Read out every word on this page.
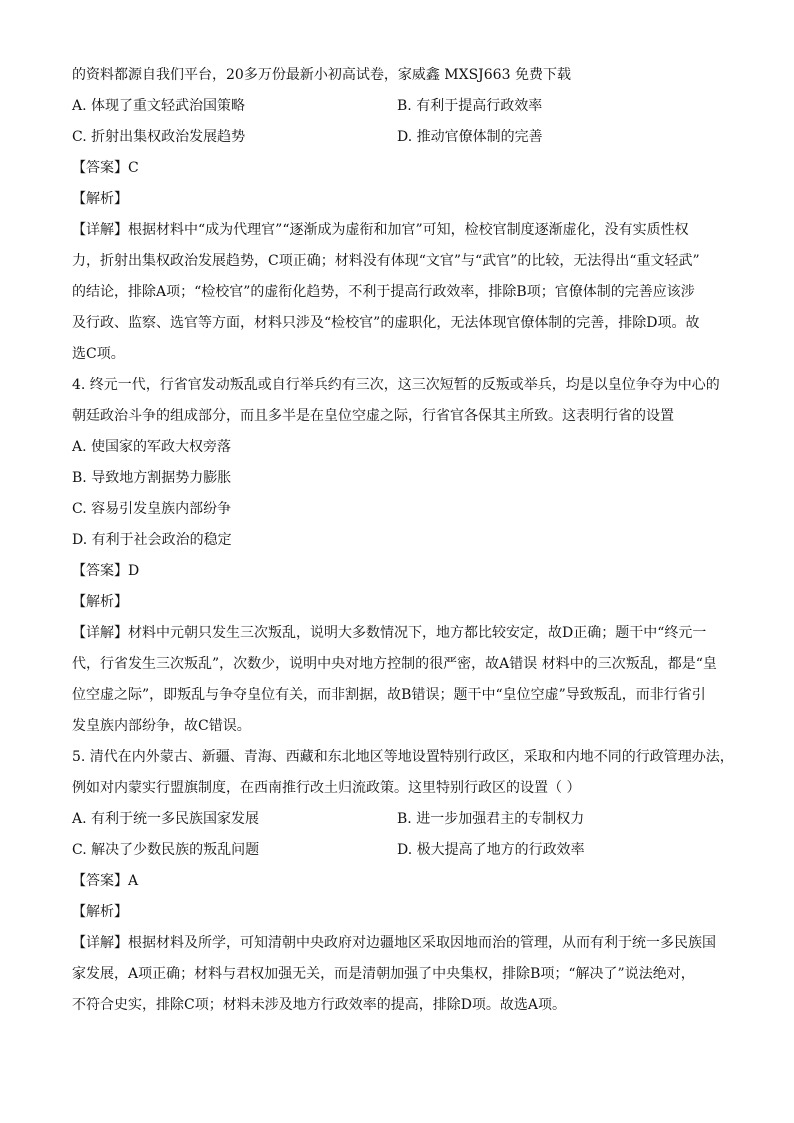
的资料都源自我们平台，20多万份最新小初高试卷，家威鑫 MXSJ663 免费下载
A. 体现了重文轻武治国策略	B. 有利于提高行政效率
C. 折射出集权政治发展趋势	D. 推动官僚体制的完善
【答案】C
【解析】
【详解】根据材料中“成为代理官”“逐渐成为虚衔和加官”可知，检校官制度逐渐虚化，没有实质性权
力，折射出集权政治发展趋势，C项正确；材料没有体现“文官”与“武官”的比较，无法得出“重文轻武”
的结论，排除A项；“检校官”的虚衔化趋势，不利于提高行政效率，排除B项；官僚体制的完善应该涉
及行政、监察、选官等方面，材料只涉及“检校官”的虚职化，无法体现官僚体制的完善，排除D项。故
选C项。
4. 终元一代，行省官发动叛乱或自行举兵约有三次，这三次短暂的反叛或举兵，均是以皇位争夺为中心的
朝廷政治斗争的组成部分，而且多半是在皇位空虚之际，行省官各保其主所致。这表明行省的设置
A. 使国家的军政大权旁落
B. 导致地方割据势力膨胀
C. 容易引发皇族内部纷争
D. 有利于社会政治的稳定
【答案】D
【解析】
【详解】材料中元朝只发生三次叛乱，说明大多数情况下，地方都比较安定，故D正确；题干中“终元一
代，行省发生三次叛乱”，次数少，说明中央对地方控制的很严密，故A错误 材料中的三次叛乱，都是“皇
位空虚之际”，即叛乱与争夺皇位有关，而非割据，故B错误；题干中“皇位空虚”导致叛乱，而非行省引
发皇族内部纷争，故C错误。
5. 清代在内外蒙古、新疆、青海、西藏和东北地区等地设置特别行政区，采取和内地不同的行政管理办法，
例如对内蒙实行盟旗制度，在西南推行改土归流政策。这里特别行政区的设置（ ）
A. 有利于统一多民族国家发展	B. 进一步加强君主的专制权力
C. 解决了少数民族的叛乱问题	D. 极大提高了地方的行政效率
【答案】A
【解析】
【详解】根据材料及所学，可知清朝中央政府对边疆地区采取因地而治的管理，从而有利于统一多民族国
家发展，A项正确；材料与君权加强无关，而是清朝加强了中央集权，排除B项；“解决了”说法绝对，
不符合史实，排除C项；材料未涉及地方行政效率的提高，排除D项。故选A项。
